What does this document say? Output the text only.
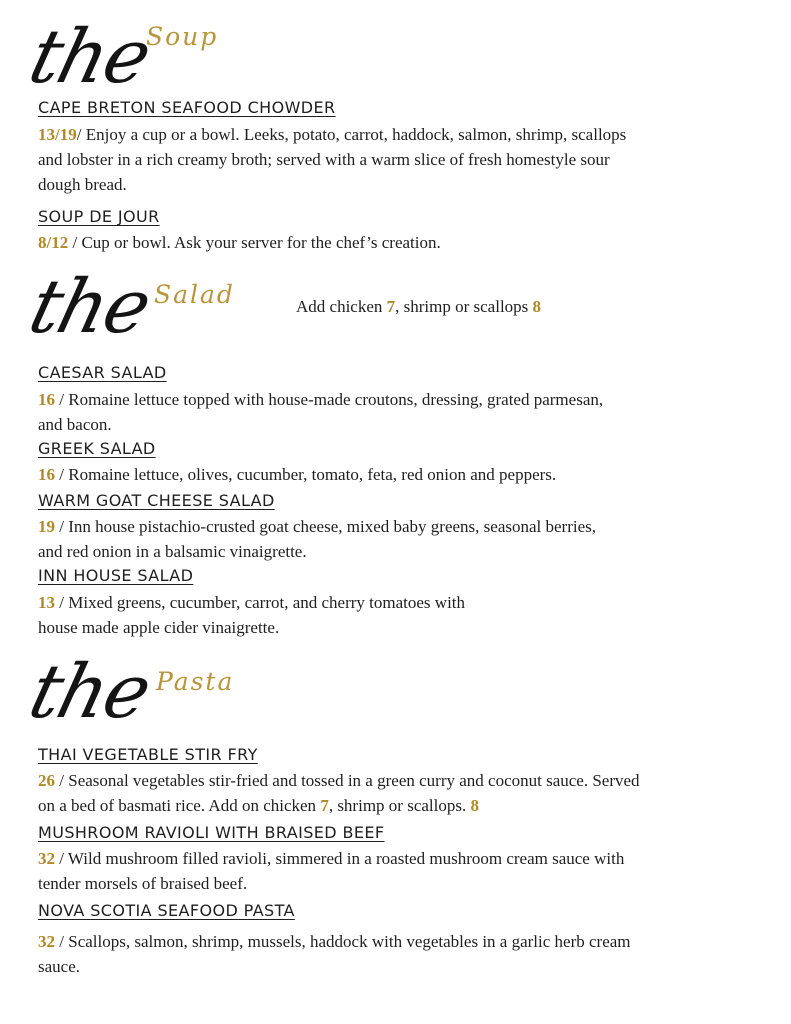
the
Soup
CAPE BRETON SEAFOOD CHOWDER
13/19/ Enjoy a cup or a bowl. Leeks, potato, carrot, haddock, salmon, shrimp, scallops
and lobster in a rich creamy broth; served with a warm slice of fresh homestyle sour
dough bread.
SOUP DE JOUR
8/12 / Cup or bowl. Ask your server for the chef’s creation.
the
Salad	Add chicken 7, shrimp or scallops 8
CAESAR SALAD
16 / Romaine lettuce topped with house-made croutons, dressing, grated parmesan,
and bacon.
GREEK SALAD
16 / Romaine lettuce, olives, cucumber, tomato, feta, red onion and peppers.
WARM GOAT CHEESE SALAD
19 / Inn house pistachio-crusted goat cheese, mixed baby greens, seasonal berries,
and red onion in a balsamic vinaigrette.
INN HOUSE SALAD
13 / Mixed greens, cucumber, carrot, and cherry tomatoes with
house made apple cider vinaigrette.
the
Pasta
THAI VEGETABLE STIR FRY
26 / Seasonal vegetables stir-fried and tossed in a green curry and coconut sauce. Served
on a bed of basmati rice. Add on chicken 7, shrimp or scallops. 8
MUSHROOM RAVIOLI WITH BRAISED BEEF
32 / Wild mushroom filled ravioli, simmered in a roasted mushroom cream sauce with
tender morsels of braised beef.
NOVA SCOTIA SEAFOOD PASTA
32 / Scallops, salmon, shrimp, mussels, haddock with vegetables in a garlic herb cream
sauce.
